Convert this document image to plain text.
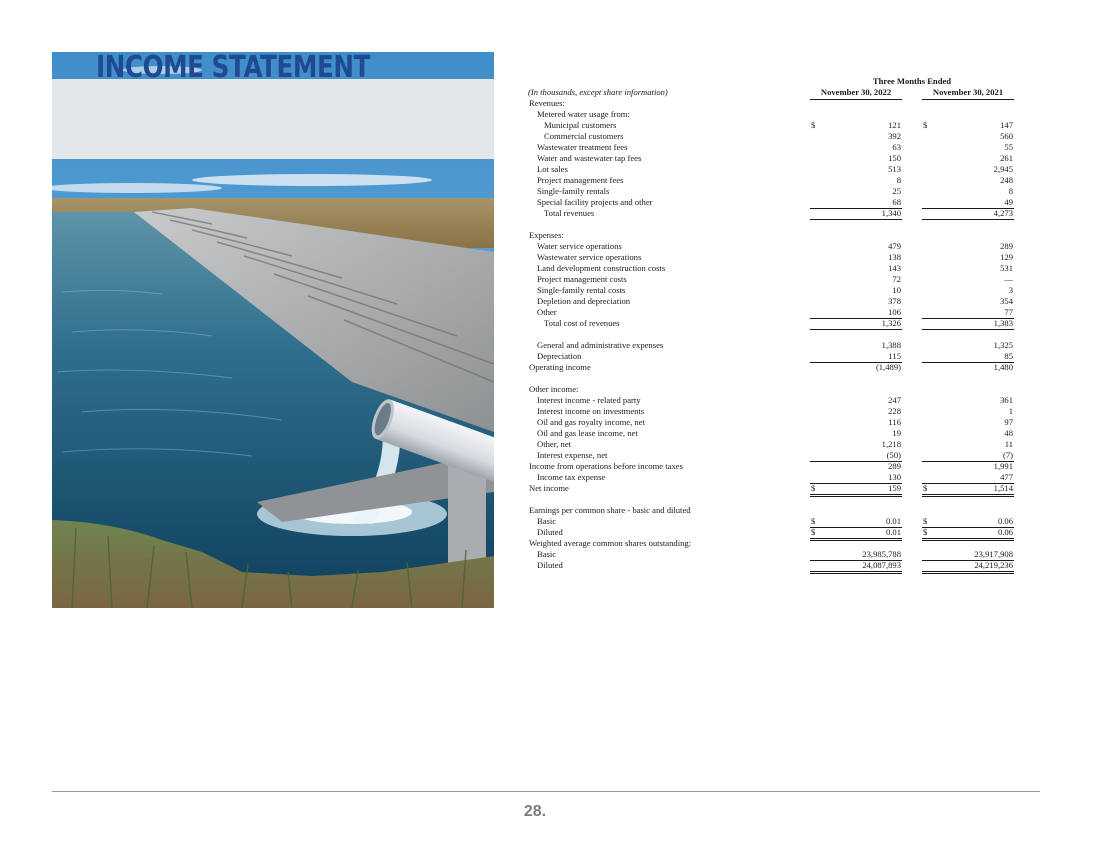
INCOME STATEMENT	Three Months Ended
(In thousands, except share information)	November 30, 2022	November 30, 2021
Revenues:
Metered water usage from:
Municipal customers	$	121	$	147
Commercial customers	392	560
Wastewater treatment fees	63	55
Water and wastewater tap fees	150	261
Lot sales	513	2,945
Project management fees	8	248
Single-family rentals	25	8
Special facility projects and other	68	49
Total revenues	1,340	4,273
Expenses:
Water service operations	479	289
Wastewater service operations	138	129
Land development construction costs	143	531
Project management costs	72	—
Single-family rental costs	10	3
Depletion and depreciation	378	354
Other	106	77
Total cost of revenues	1,326	1,383
General and administrative expenses	1,388	1,325
Depreciation	115	85
Operating income	(1,489)	1,480
Other income:
Interest income - related party	247	361
Interest income on investments	228	1
Oil and gas royalty income, net	116	97
Oil and gas lease income, net	19	48
Other, net	1,218	11
Interest expense, net	(50)	(7)
Income from operations before income taxes	289	1,991
Income tax expense	130	477
Net income	$	159	$	1,514
Earnings per common share - basic and diluted
Basic	$	0.01	$	0.06
Diluted	$	0.01	$	0.06
Weighted average common shares outstanding:
Basic	23,985,788	23,917,908
Diluted	24,087,893	24,219,236
28.
